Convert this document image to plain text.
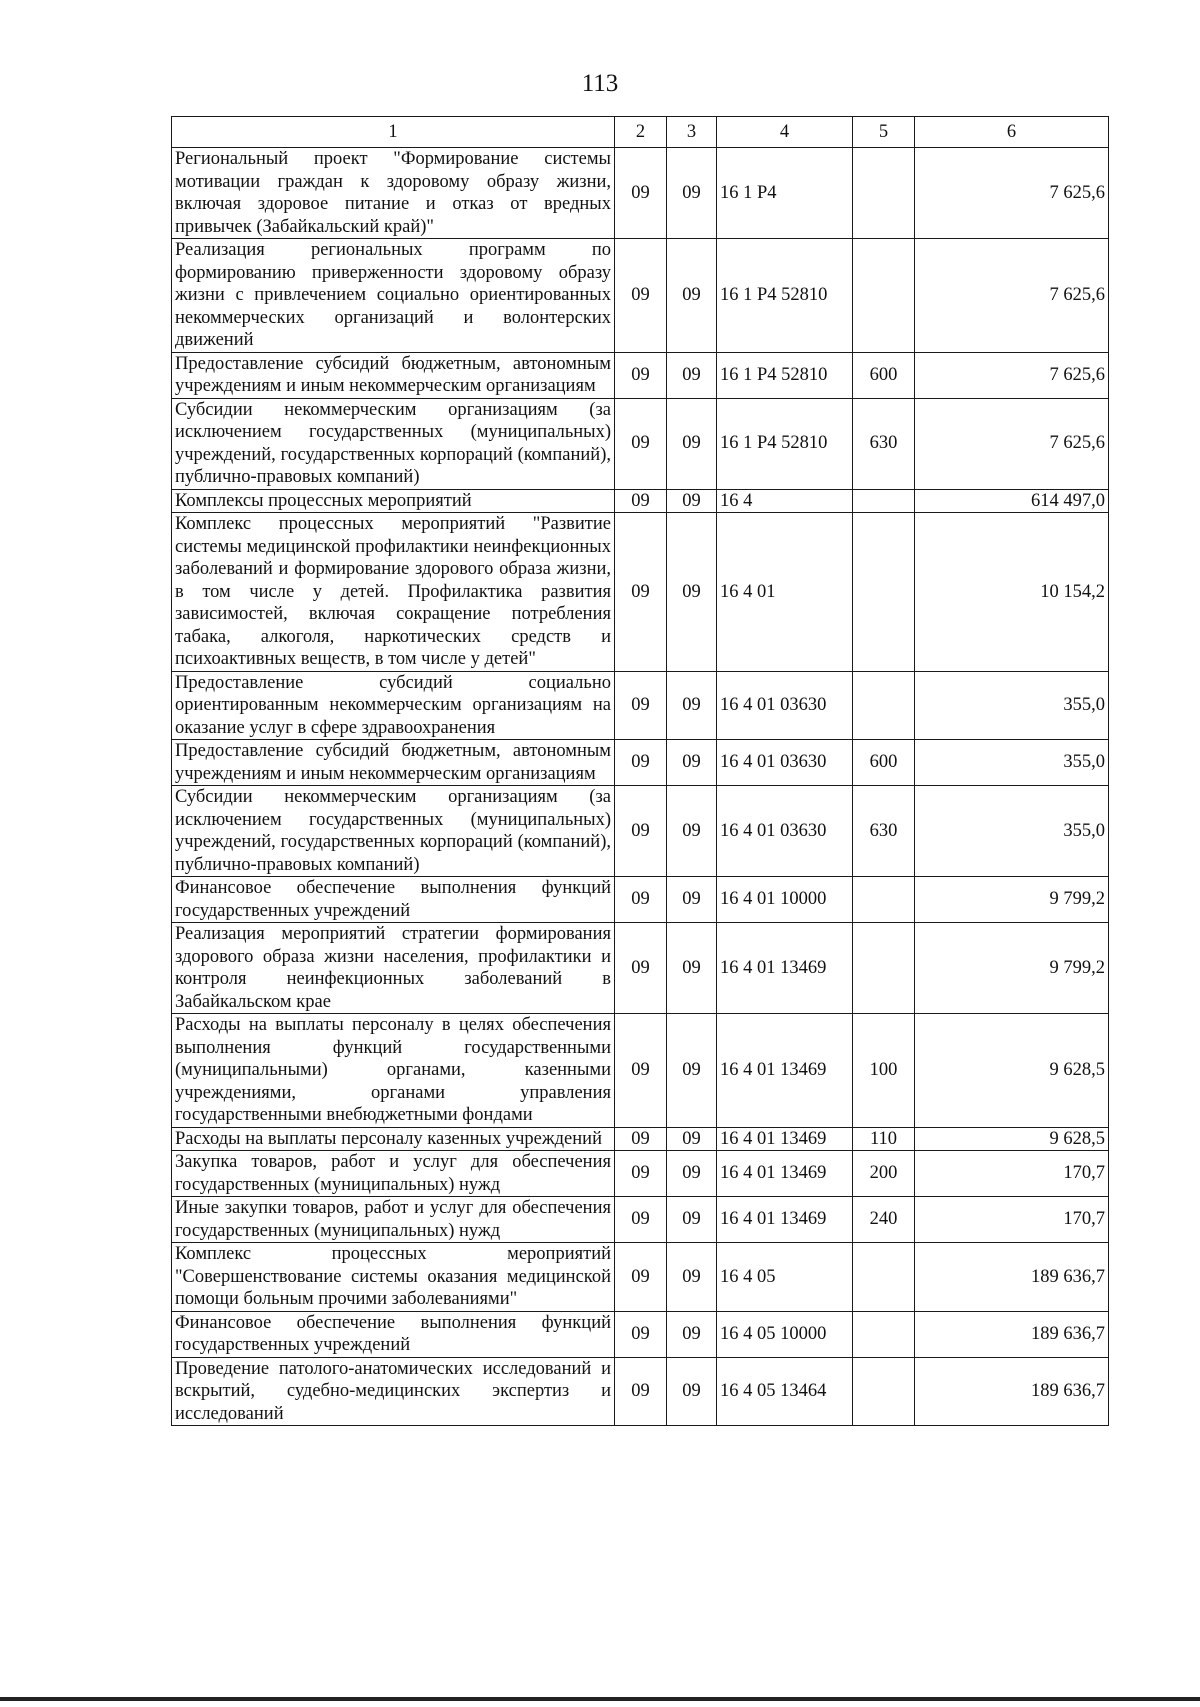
113
1	2	3	4	5	6
Региональный проект "Формирование системы мотивации граждан к здоровому образу жизни, включая здоровое питание и отказ от вредных привычек (Забайкальский край)"	09	09	16 1 Р4		7 625,6
Реализация региональных программ по формированию приверженности здоровому образу жизни с привлечением социально ориентированных некоммерческих организаций и волонтерских движений	09	09	16 1 Р4 52810		7 625,6
Предоставление субсидий бюджетным, автономным учреждениям и иным некоммерческим организациям	09	09	16 1 Р4 52810	600	7 625,6
Субсидии некоммерческим организациям (за исключением государственных (муниципальных) учреждений, государственных корпораций (компаний), публично-правовых компаний)	09	09	16 1 Р4 52810	630	7 625,6
Комплексы процессных мероприятий	09	09	16 4		614 497,0
Комплекс процессных мероприятий "Развитие системы медицинской профилактики неинфекционных заболеваний и формирование здорового образа жизни, в том числе у детей. Профилактика развития зависимостей, включая сокращение потребления табака, алкоголя, наркотических средств и психоактивных веществ, в том числе у детей"	09	09	16 4 01		10 154,2
Предоставление субсидий социально ориентированным некоммерческим организациям на оказание услуг в сфере здравоохранения	09	09	16 4 01 03630		355,0
Предоставление субсидий бюджетным, автономным учреждениям и иным некоммерческим организациям	09	09	16 4 01 03630	600	355,0
Субсидии некоммерческим организациям (за исключением государственных (муниципальных) учреждений, государственных корпораций (компаний), публично-правовых компаний)	09	09	16 4 01 03630	630	355,0
Финансовое обеспечение выполнения функций государственных учреждений	09	09	16 4 01 10000		9 799,2
Реализация мероприятий стратегии формирования здорового образа жизни населения, профилактики и контроля неинфекционных заболеваний в Забайкальском крае	09	09	16 4 01 13469		9 799,2
Расходы на выплаты персоналу в целях обеспечения выполнения функций государственными (муниципальными) органами, казенными учреждениями, органами управления государственными внебюджетными фондами	09	09	16 4 01 13469	100	9 628,5
Расходы на выплаты персоналу казенных учреждений	09	09	16 4 01 13469	110	9 628,5
Закупка товаров, работ и услуг для обеспечения государственных (муниципальных) нужд	09	09	16 4 01 13469	200	170,7
Иные закупки товаров, работ и услуг для обеспечения государственных (муниципальных) нужд	09	09	16 4 01 13469	240	170,7
Комплекс процессных мероприятий "Совершенствование системы оказания медицинской помощи больным прочими заболеваниями"	09	09	16 4 05		189 636,7
Финансовое обеспечение выполнения функций государственных учреждений	09	09	16 4 05 10000		189 636,7
Проведение патолого-анатомических исследований и вскрытий, судебно-медицинских экспертиз и исследований	09	09	16 4 05 13464		189 636,7
